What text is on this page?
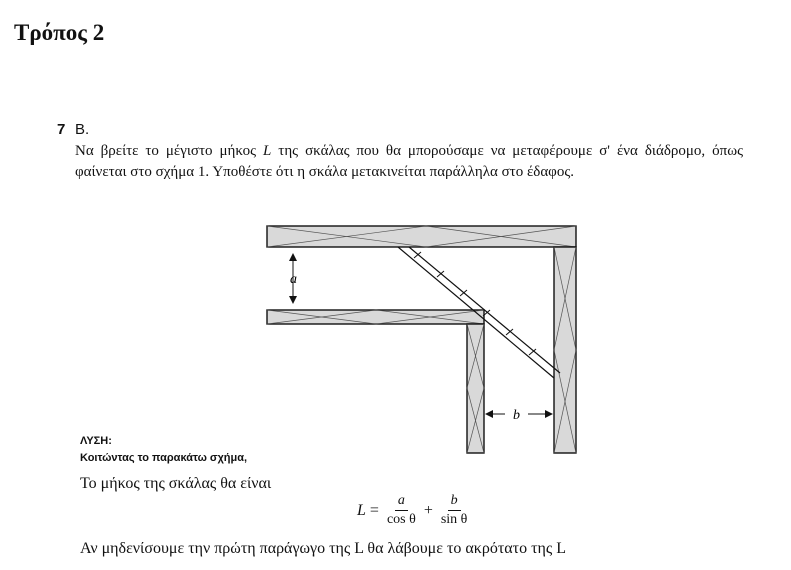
Τρόπος 2
7 B.
Να βρείτε το μέγιστο μήκος L της σκάλας που θα μπορούσαμε να μεταφέρουμε σ' ένα διάδρομο, όπως φαίνεται στο σχήμα 1. Υποθέστε ότι η σκάλα μετακινείται παράλληλα στο έδαφος.
a
b
ΛΥΣΗ:
Κοιτώντας το παρακάτω σχήμα,
Το μήκος της σκάλας θα είναι
$L = \frac{a}{\text{cos θ}} + \frac{b}{\text{sin θ}}$
Αν μηδενίσουμε την πρώτη παράγωγο της L θα λάβουμε το ακρότατο της L
